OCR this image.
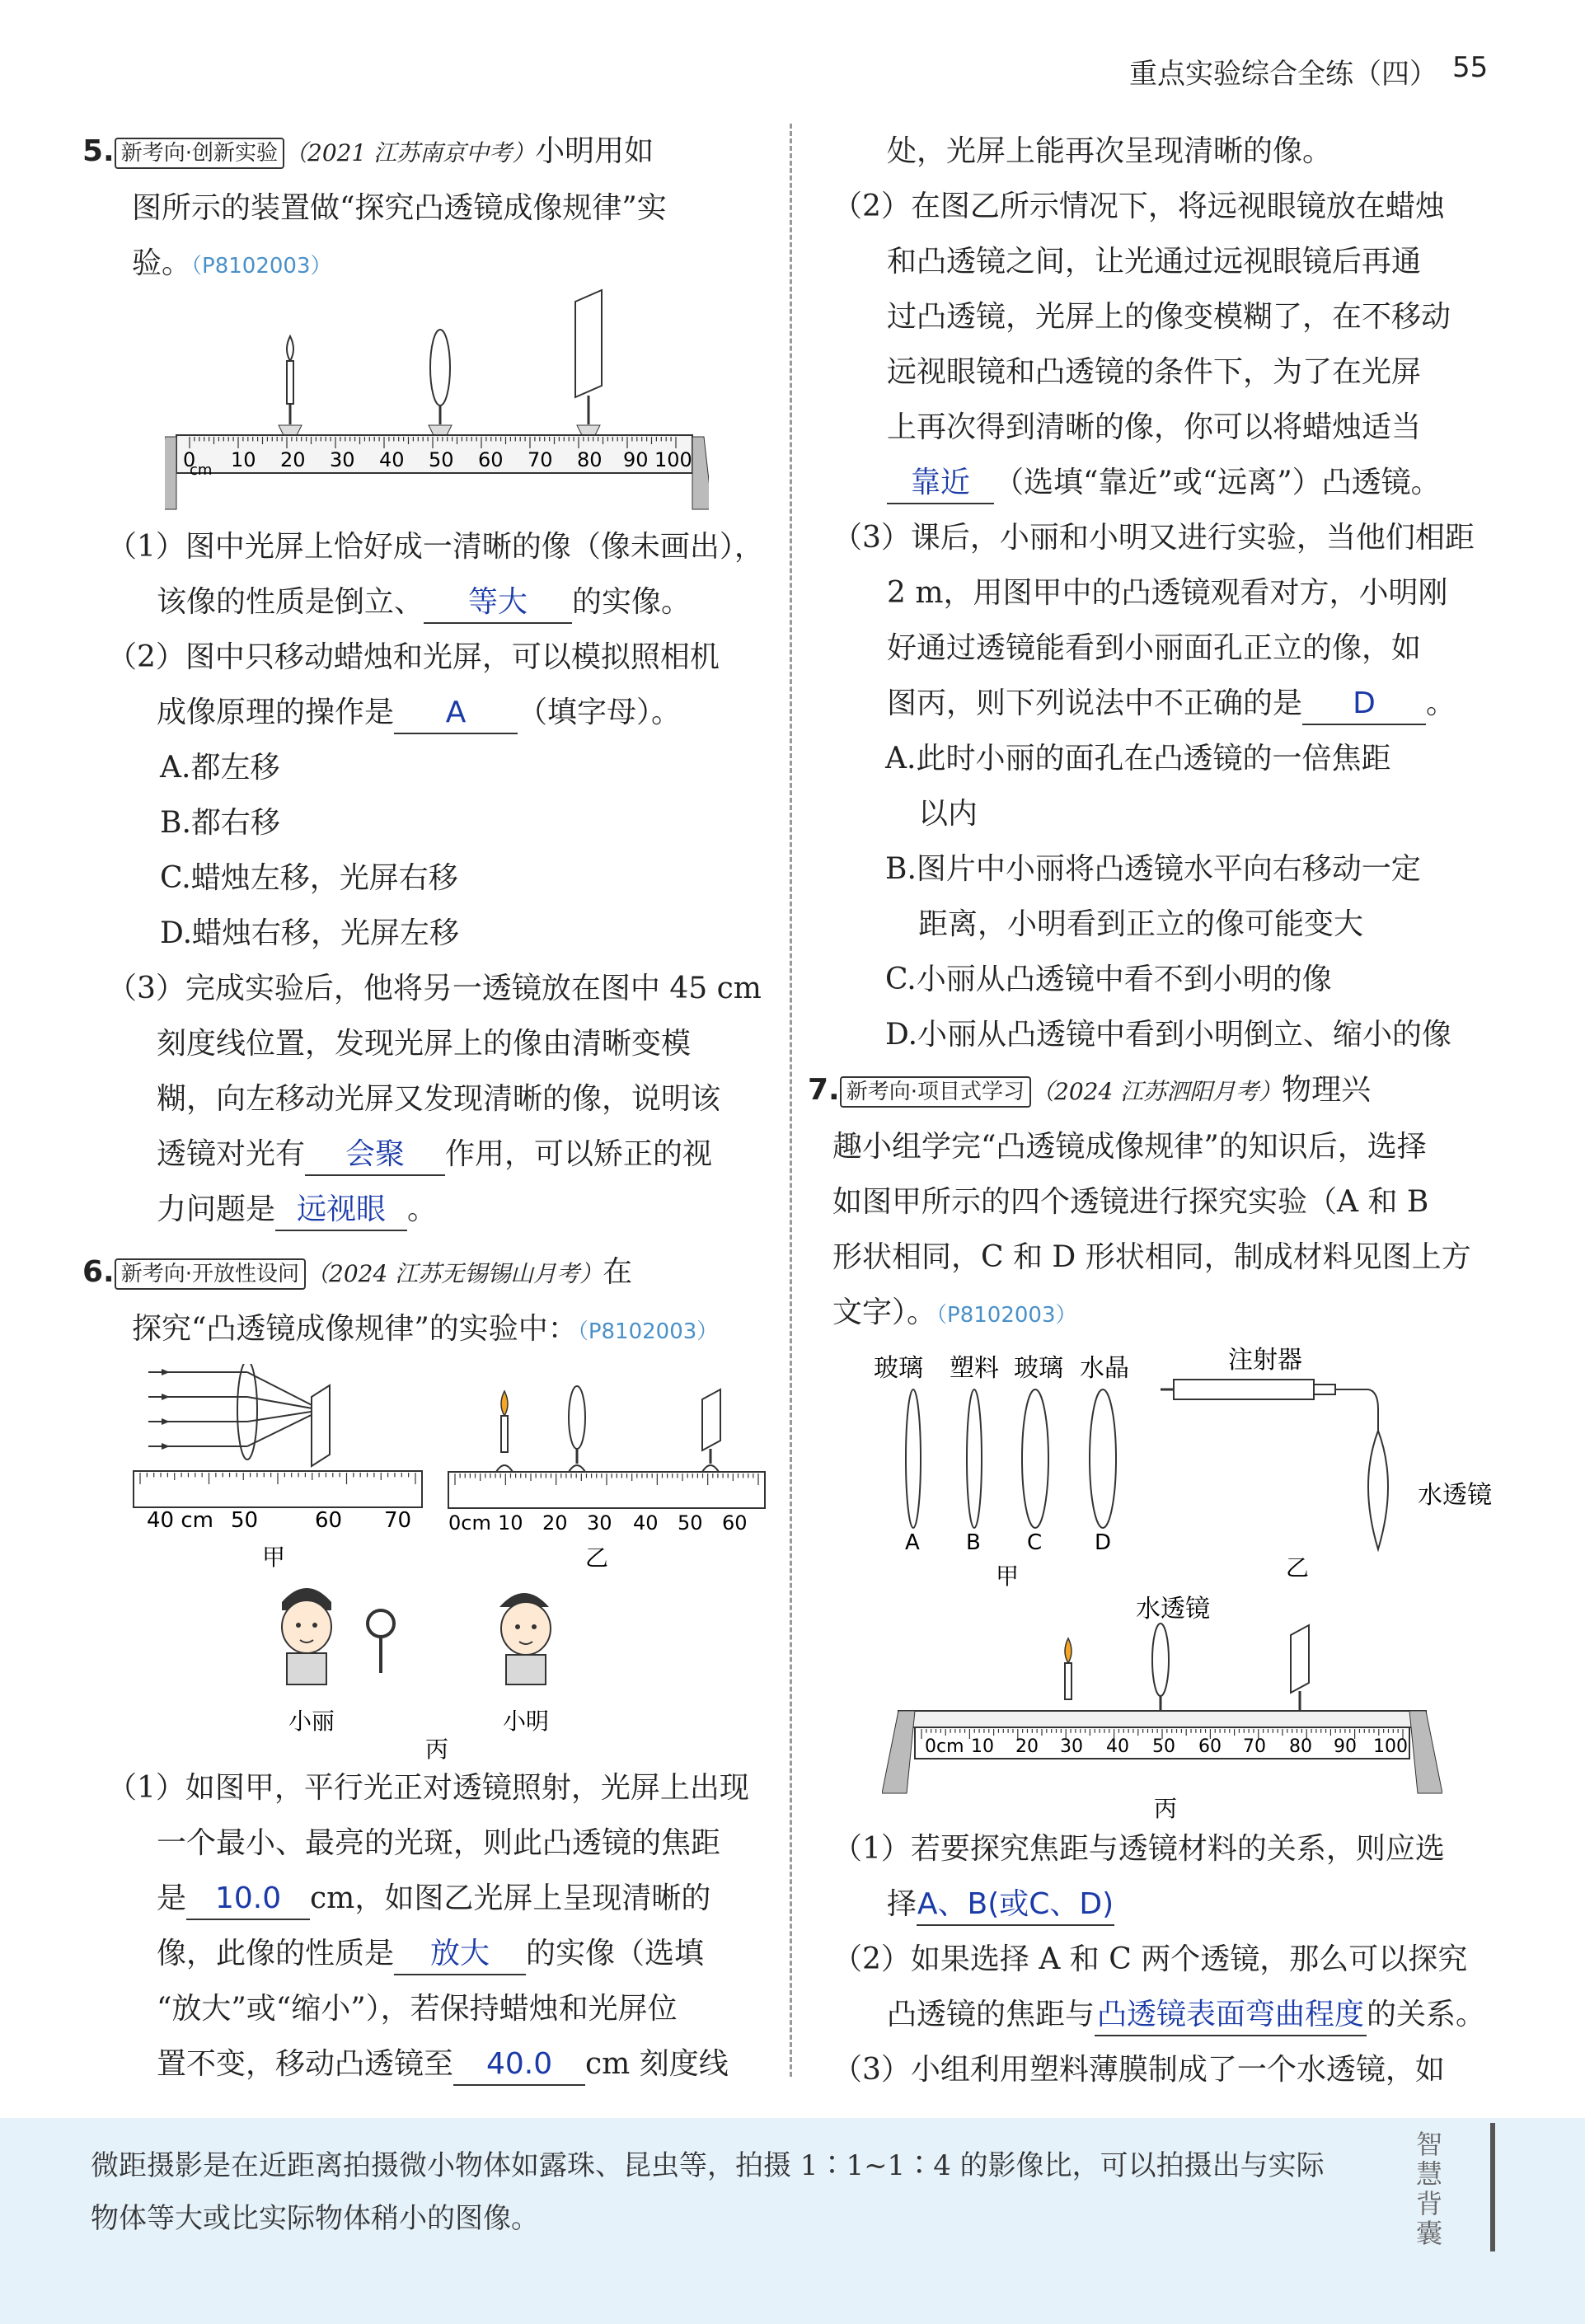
重点实验综合全练（四） 55

5. 新考向·创新实验 （2021 江苏南京中考）小明用如

图所示的装置做“探究凸透镜成像规律”实

验。（P8102003）

0
cm 10 20 30 40 50 60 70 80 90 100

（1）图中光屏上恰好成一清晰的像（像未画出），

该像的性质是倒立、 等大 的实像。

（2）图中只移动蜡烛和光屏，可以模拟照相机

成像原理的操作是 A （填字母）。

A.都左移

B.都右移

C.蜡烛左移，光屏右移

D.蜡烛右移，光屏左移

（3）完成实验后，他将另一透镜放在图中 45 cm

刻度线位置，发现光屏上的像由清晰变模

糊，向左移动光屏又发现清晰的像，说明该

透镜对光有 会聚 作用，可以矫正的视

力问题是 远视眼 。

6. 新考向·开放性设问 （2024 江苏无锡锡山月考）在

探究“凸透镜成像规律”的实验中：（P8102003）

40 cm 50	60 70
甲
0cm 10 20 30 40 50 60
乙
小丽	小明
丙

（1）如图甲，平行光正对透镜照射，光屏上出现

一个最小、最亮的光斑，则此凸透镜的焦距

是 10.0 cm，如图乙光屏上呈现清晰的

像，此像的性质是 放大 的实像（选填

“放大”或“缩小”），若保持蜡烛和光屏位

置不变，移动凸透镜至 40.0 cm 刻度线

处，光屏上能再次呈现清晰的像。

（2）在图乙所示情况下，将远视眼镜放在蜡烛

和凸透镜之间，让光通过远视眼镜后再通

过凸透镜，光屏上的像变模糊了，在不移动

远视眼镜和凸透镜的条件下，为了在光屏

上再次得到清晰的像，你可以将蜡烛适当

靠近 （选填“靠近”或“远离”）凸透镜。

（3）课后，小丽和小明又进行实验，当他们相距

2 m，用图甲中的凸透镜观看对方，小明刚

好通过透镜能看到小丽面孔正立的像，如

图丙，则下列说法中不正确的是 D 。

A.此时小丽的面孔在凸透镜的一倍焦距

以内

B.图片中小丽将凸透镜水平向右移动一定

距离，小明看到正立的像可能变大

C.小丽从凸透镜中看不到小明的像

D.小丽从凸透镜中看到小明倒立、缩小的像

7. 新考向·项目式学习 （2024 江苏泗阳月考）物理兴

趣小组学完“凸透镜成像规律”的知识后，选择

如图甲所示的四个透镜进行探究实验（A 和 B

形状相同，C 和 D 形状相同，制成材料见图上方

文字）。（P8102003）

玻璃 塑料 玻璃 水晶
A B C D
甲
注射器
水透镜
乙
水透镜
0cm 10 20 30 40 50 60 70 80 90 100
丙

（1）若要探究焦距与透镜材料的关系，则应选

择A、B(或C、D)

（2）如果选择 A 和 C 两个透镜，那么可以探究

凸透镜的焦距与凸透镜表面弯曲程度的关系。

（3）小组利用塑料薄膜制成了一个水透镜，如

微距摄影是在近距离拍摄微小物体如露珠、昆虫等，拍摄 1∶1~1∶4 的影像比，可以拍摄出与实际
物体等大或比实际物体稍小的图像。
智慧背囊
